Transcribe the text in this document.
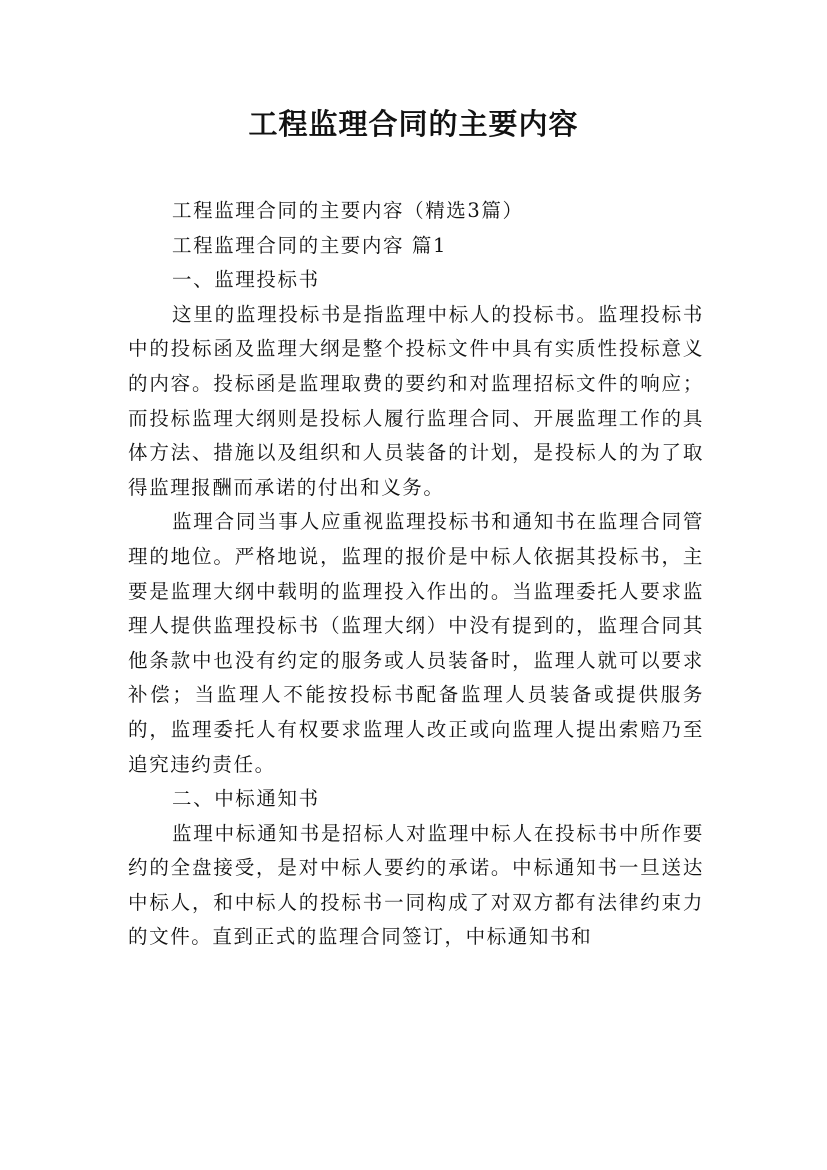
工程监理合同的主要内容

工程监理合同的主要内容（精选3篇）

工程监理合同的主要内容 篇1

一、监理投标书

这里的监理投标书是指监理中标人的投标书。监理投标书中的投标函及监理大纲是整个投标文件中具有实质性投标意义的内容。投标函是监理取费的要约和对监理招标文件的响应；而投标监理大纲则是投标人履行监理合同、开展监理工作的具体方法、措施以及组织和人员装备的计划，是投标人的为了取得监理报酬而承诺的付出和义务。

监理合同当事人应重视监理投标书和通知书在监理合同管理的地位。严格地说，监理的报价是中标人依据其投标书，主要是监理大纲中载明的监理投入作出的。当监理委托人要求监理人提供监理投标书（监理大纲）中没有提到的，监理合同其他条款中也没有约定的服务或人员装备时，监理人就可以要求补偿；当监理人不能按投标书配备监理人员装备或提供服务的，监理委托人有权要求监理人改正或向监理人提出索赔乃至追究违约责任。

二、中标通知书

监理中标通知书是招标人对监理中标人在投标书中所作要约的全盘接受，是对中标人要约的承诺。中标通知书一旦送达中标人，和中标人的投标书一同构成了对双方都有法律约束力的文件。直到正式的监理合同签订，中标通知书和
